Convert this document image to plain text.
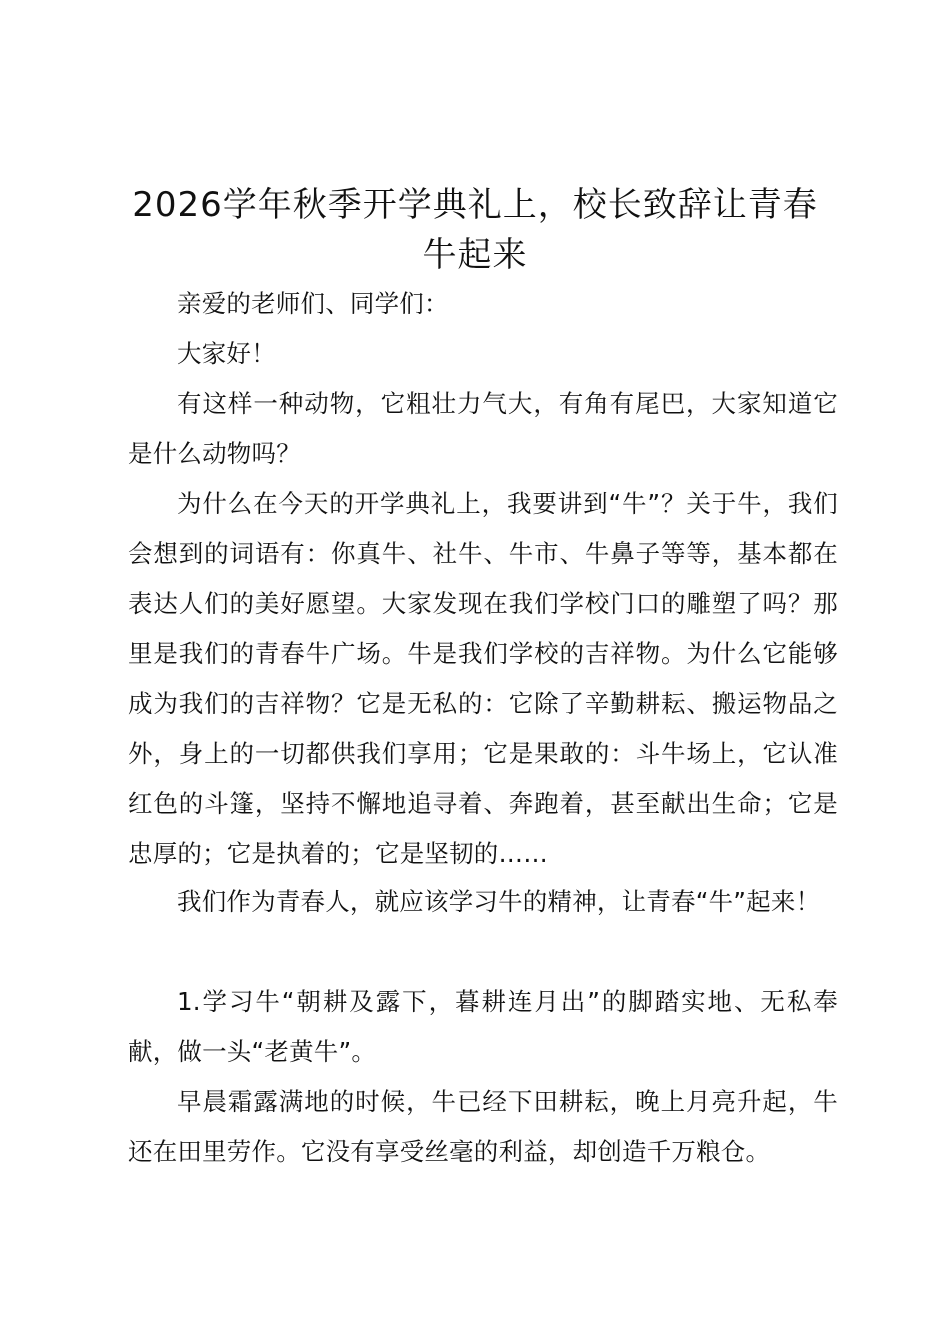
2026学年秋季开学典礼上，校长致辞让青春牛起来

亲爱的老师们、同学们：

大家好！

有这样一种动物，它粗壮力气大，有角有尾巴，大家知道它是什么动物吗？

为什么在今天的开学典礼上，我要讲到“牛”？关于牛，我们会想到的词语有：你真牛、社牛、牛市、牛鼻子等等，基本都在表达人们的美好愿望。大家发现在我们学校门口的雕塑了吗？那里是我们的青春牛广场。牛是我们学校的吉祥物。为什么它能够成为我们的吉祥物？它是无私的：它除了辛勤耕耘、搬运物品之外，身上的一切都供我们享用；它是果敢的：斗牛场上，它认准红色的斗篷，坚持不懈地追寻着、奔跑着，甚至献出生命；它是忠厚的；它是执着的；它是坚韧的……

我们作为青春人，就应该学习牛的精神，让青春“牛”起来！

1.学习牛“朝耕及露下，暮耕连月出”的脚踏实地、无私奉献，做一头“老黄牛”。

早晨霜露满地的时候，牛已经下田耕耘，晚上月亮升起，牛还在田里劳作。它没有享受丝毫的利益，却创造千万粮仓。
